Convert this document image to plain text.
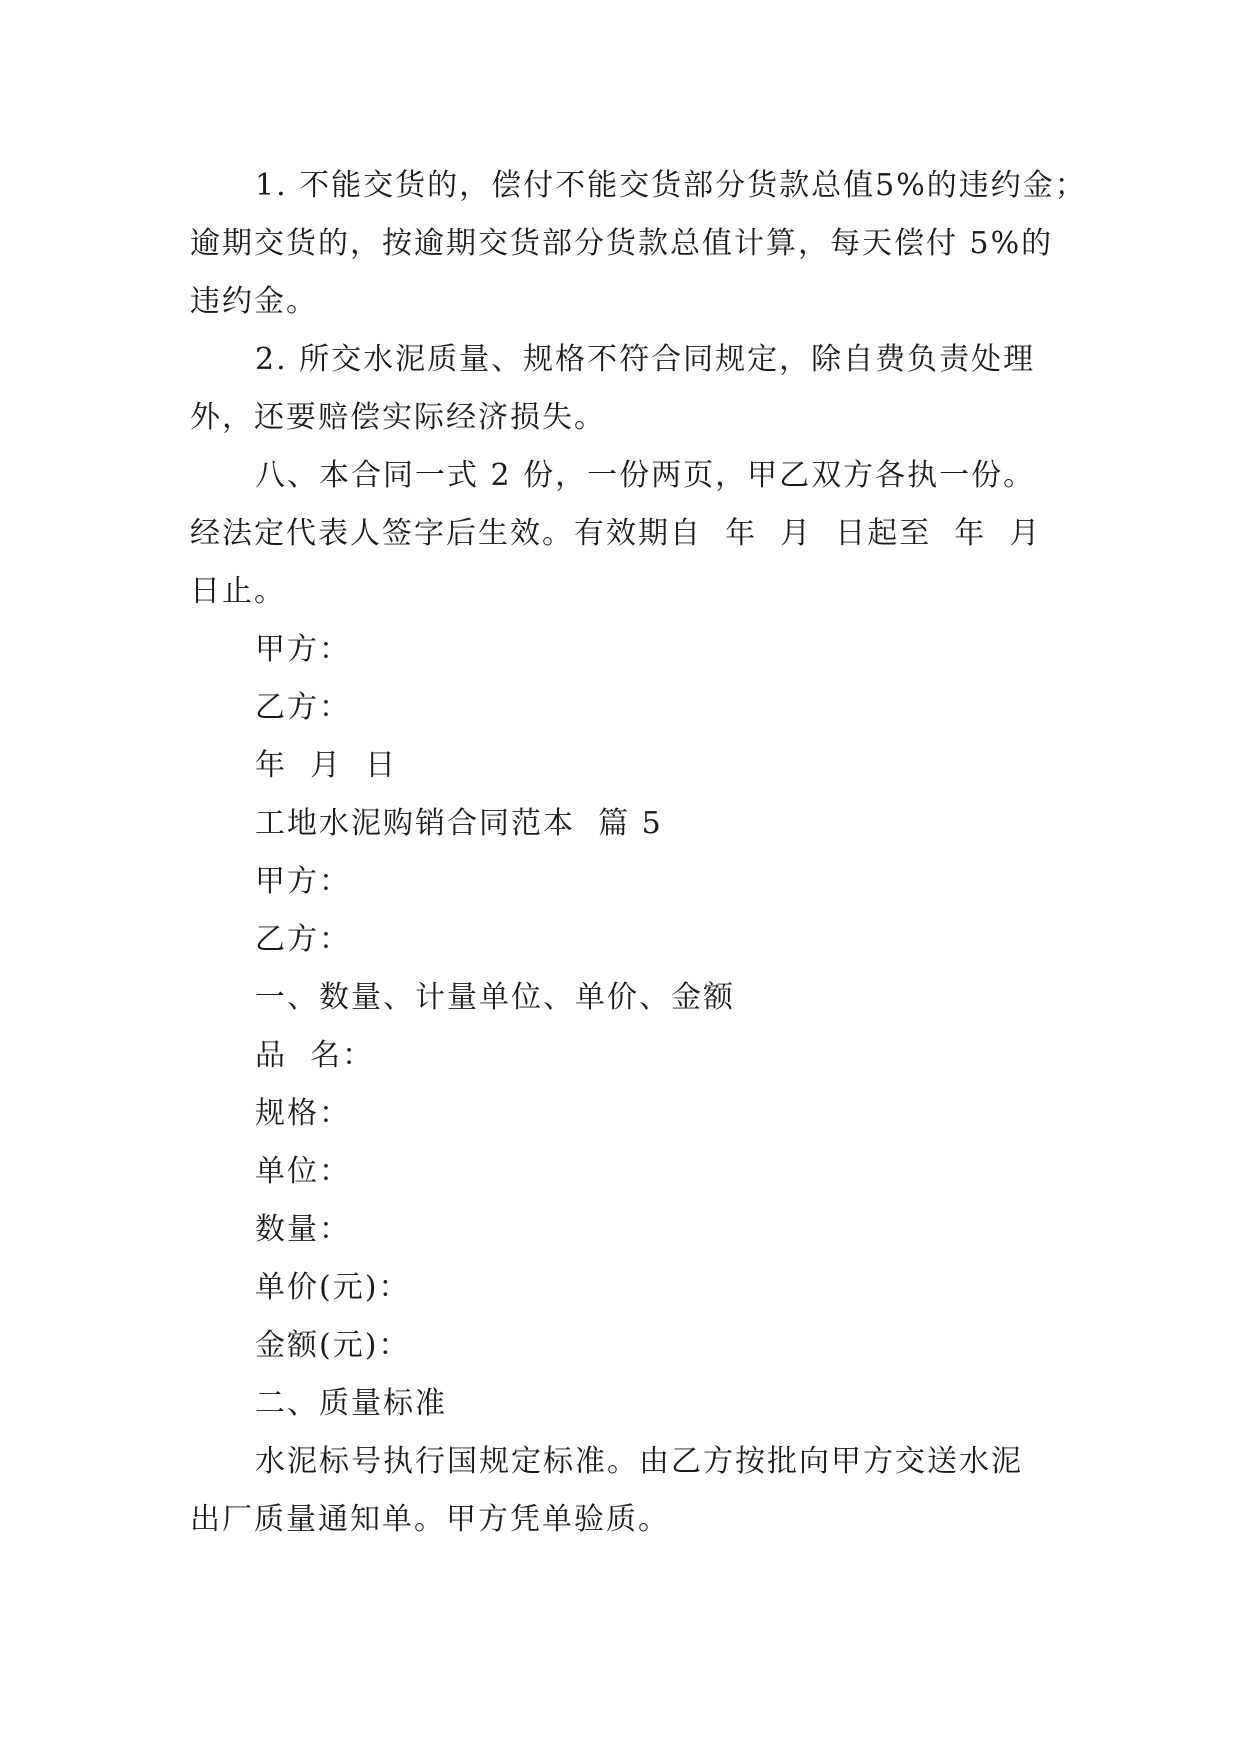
1. 不能交货的，偿付不能交货部分货款总值5%的违约金；
逾期交货的，按逾期交货部分货款总值计算，每天偿付 5%的
违约金。
2. 所交水泥质量、规格不符合同规定，除自费负责处理
外，还要赔偿实际经济损失。
八、本合同一式 2 份，一份两页，甲乙双方各执一份。
经法定代表人签字后生效。有效期自  年  月  日起至  年  月
日止。
甲方：
乙方：
年  月  日
工地水泥购销合同范本  篇 5
甲方：
乙方：
一、数量、计量单位、单价、金额
品  名：
规格：
单位：
数量：
单价(元)：
金额(元)：
二、质量标准
水泥标号执行国规定标准。由乙方按批向甲方交送水泥
出厂质量通知单。甲方凭单验质。
